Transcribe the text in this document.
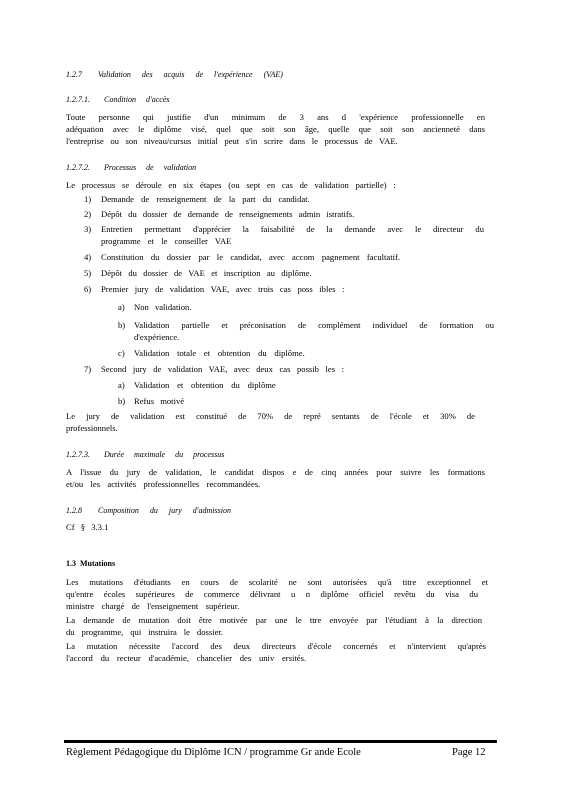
1.2.7 Validation des acquis de l'expérience (VAE)
1.2.7.1. Condition d'accès
Toute personne qui justifie d'un minimum de 3 ans d 'expérience professionnelle en
adéquation avec le diplôme visé, quel que soit son âge, quelle que soit son ancienneté dans
l'entreprise ou son niveau/cursus initial peut s'in scrire dans le processus de VAE.
1.2.7.2. Processus de validation
Le processus se déroule en six étapes (ou sept en cas de validation partielle) :
1) Demande de renseignement de la part du candidat.
2) Dépôt du dossier de demande de renseignements admin istratifs.
3) Entretien permettant d'apprécier la faisabilité de la demande avec le directeur du
programme et le conseiller VAE
4) Constitution du dossier par le candidat, avec accom pagnement facultatif.
5) Dépôt du dossier de VAE et inscription au diplôme.
6) Premier jury de validation VAE, avec trois cas poss ibles :
a) Non validation.
b) Validation partielle et préconisation de complément individuel de formation ou
d'expérience.
c) Validation totale et obtention du diplôme.
7) Second jury de validation VAE, avec deux cas possib les :
a) Validation et obtention du diplôme
b) Refus motivé
Le jury de validation est constitué de 70% de repré sentants de l'école et 30% de
professionnels.
1.2.7.3. Durée maximale du processus
A l'issue du jury de validation, le candidat dispos e de cinq années pour suivre les formations
et/ou les activités professionnelles recommandées.
1.2.8 Composition du jury d'admission
Cf § 3.3.1
1.3 Mutations
Les mutations d'étudiants en cours de scolarité ne sont autorisées qu'à titre exceptionnel et
qu'entre écoles supérieures de commerce délivrant u n diplôme officiel revêtu du visa du
ministre chargé de l'enseignement supérieur.
La demande de mutation doit être motivée par une le ttre envoyée par l'étudiant à la direction
du programme, qui instruira le dossier.
La mutation nécessite l'accord des deux directeurs d'école concernés et n'intervient qu'après
l'accord du recteur d'académie, chancelier des univ ersités.
Règlement Pédagogique du Diplôme ICN / programme Gr ande Ecole	Page 12
